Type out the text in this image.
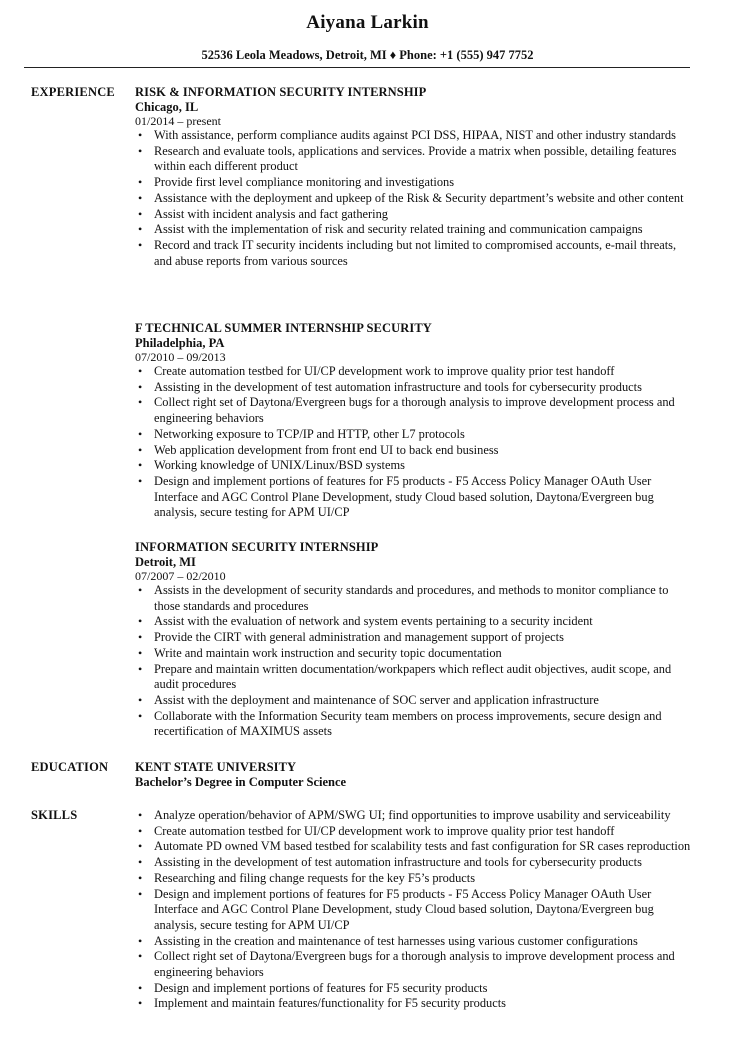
Aiyana Larkin
52536 Leola Meadows, Detroit, MI ♦ Phone: +1 (555) 947 7752
EXPERIENCE RISK & INFORMATION SECURITY INTERNSHIP
Chicago, IL
01/2014 – present
• With assistance, perform compliance audits against PCI DSS, HIPAA, NIST and other industry standards
• Research and evaluate tools, applications and services. Provide a matrix when possible, detailing features within each different product
• Provide first level compliance monitoring and investigations
• Assistance with the deployment and upkeep of the Risk & Security department’s website and other content
• Assist with incident analysis and fact gathering
• Assist with the implementation of risk and security related training and communication campaigns
• Record and track IT security incidents including but not limited to compromised accounts, e-mail threats, and abuse reports from various sources
F TECHNICAL SUMMER INTERNSHIP SECURITY
Philadelphia, PA
07/2010 – 09/2013
• Create automation testbed for UI/CP development work to improve quality prior test handoff
• Assisting in the development of test automation infrastructure and tools for cybersecurity products
• Collect right set of Daytona/Evergreen bugs for a thorough analysis to improve development process and engineering behaviors
• Networking exposure to TCP/IP and HTTP, other L7 protocols
• Web application development from front end UI to back end business
• Working knowledge of UNIX/Linux/BSD systems
• Design and implement portions of features for F5 products - F5 Access Policy Manager OAuth User Interface and AGC Control Plane Development, study Cloud based solution, Daytona/Evergreen bug analysis, secure testing for APM UI/CP
INFORMATION SECURITY INTERNSHIP
Detroit, MI
07/2007 – 02/2010
• Assists in the development of security standards and procedures, and methods to monitor compliance to those standards and procedures
• Assist with the evaluation of network and system events pertaining to a security incident
• Provide the CIRT with general administration and management support of projects
• Write and maintain work instruction and security topic documentation
• Prepare and maintain written documentation/workpapers which reflect audit objectives, audit scope, and audit procedures
• Assist with the deployment and maintenance of SOC server and application infrastructure
• Collaborate with the Information Security team members on process improvements, secure design and recertification of MAXIMUS assets
EDUCATION KENT STATE UNIVERSITY
Bachelor’s Degree in Computer Science
SKILLS	• Analyze operation/behavior of APM/SWG UI; find opportunities to improve usability and serviceability
• Create automation testbed for UI/CP development work to improve quality prior test handoff
• Automate PD owned VM based testbed for scalability tests and fast configuration for SR cases reproduction
• Assisting in the development of test automation infrastructure and tools for cybersecurity products
• Researching and filing change requests for the key F5’s products
• Design and implement portions of features for F5 products - F5 Access Policy Manager OAuth User Interface and AGC Control Plane Development, study Cloud based solution, Daytona/Evergreen bug analysis, secure testing for APM UI/CP
• Assisting in the creation and maintenance of test harnesses using various customer configurations
• Collect right set of Daytona/Evergreen bugs for a thorough analysis to improve development process and engineering behaviors
• Design and implement portions of features for F5 security products
• Implement and maintain features/functionality for F5 security products
